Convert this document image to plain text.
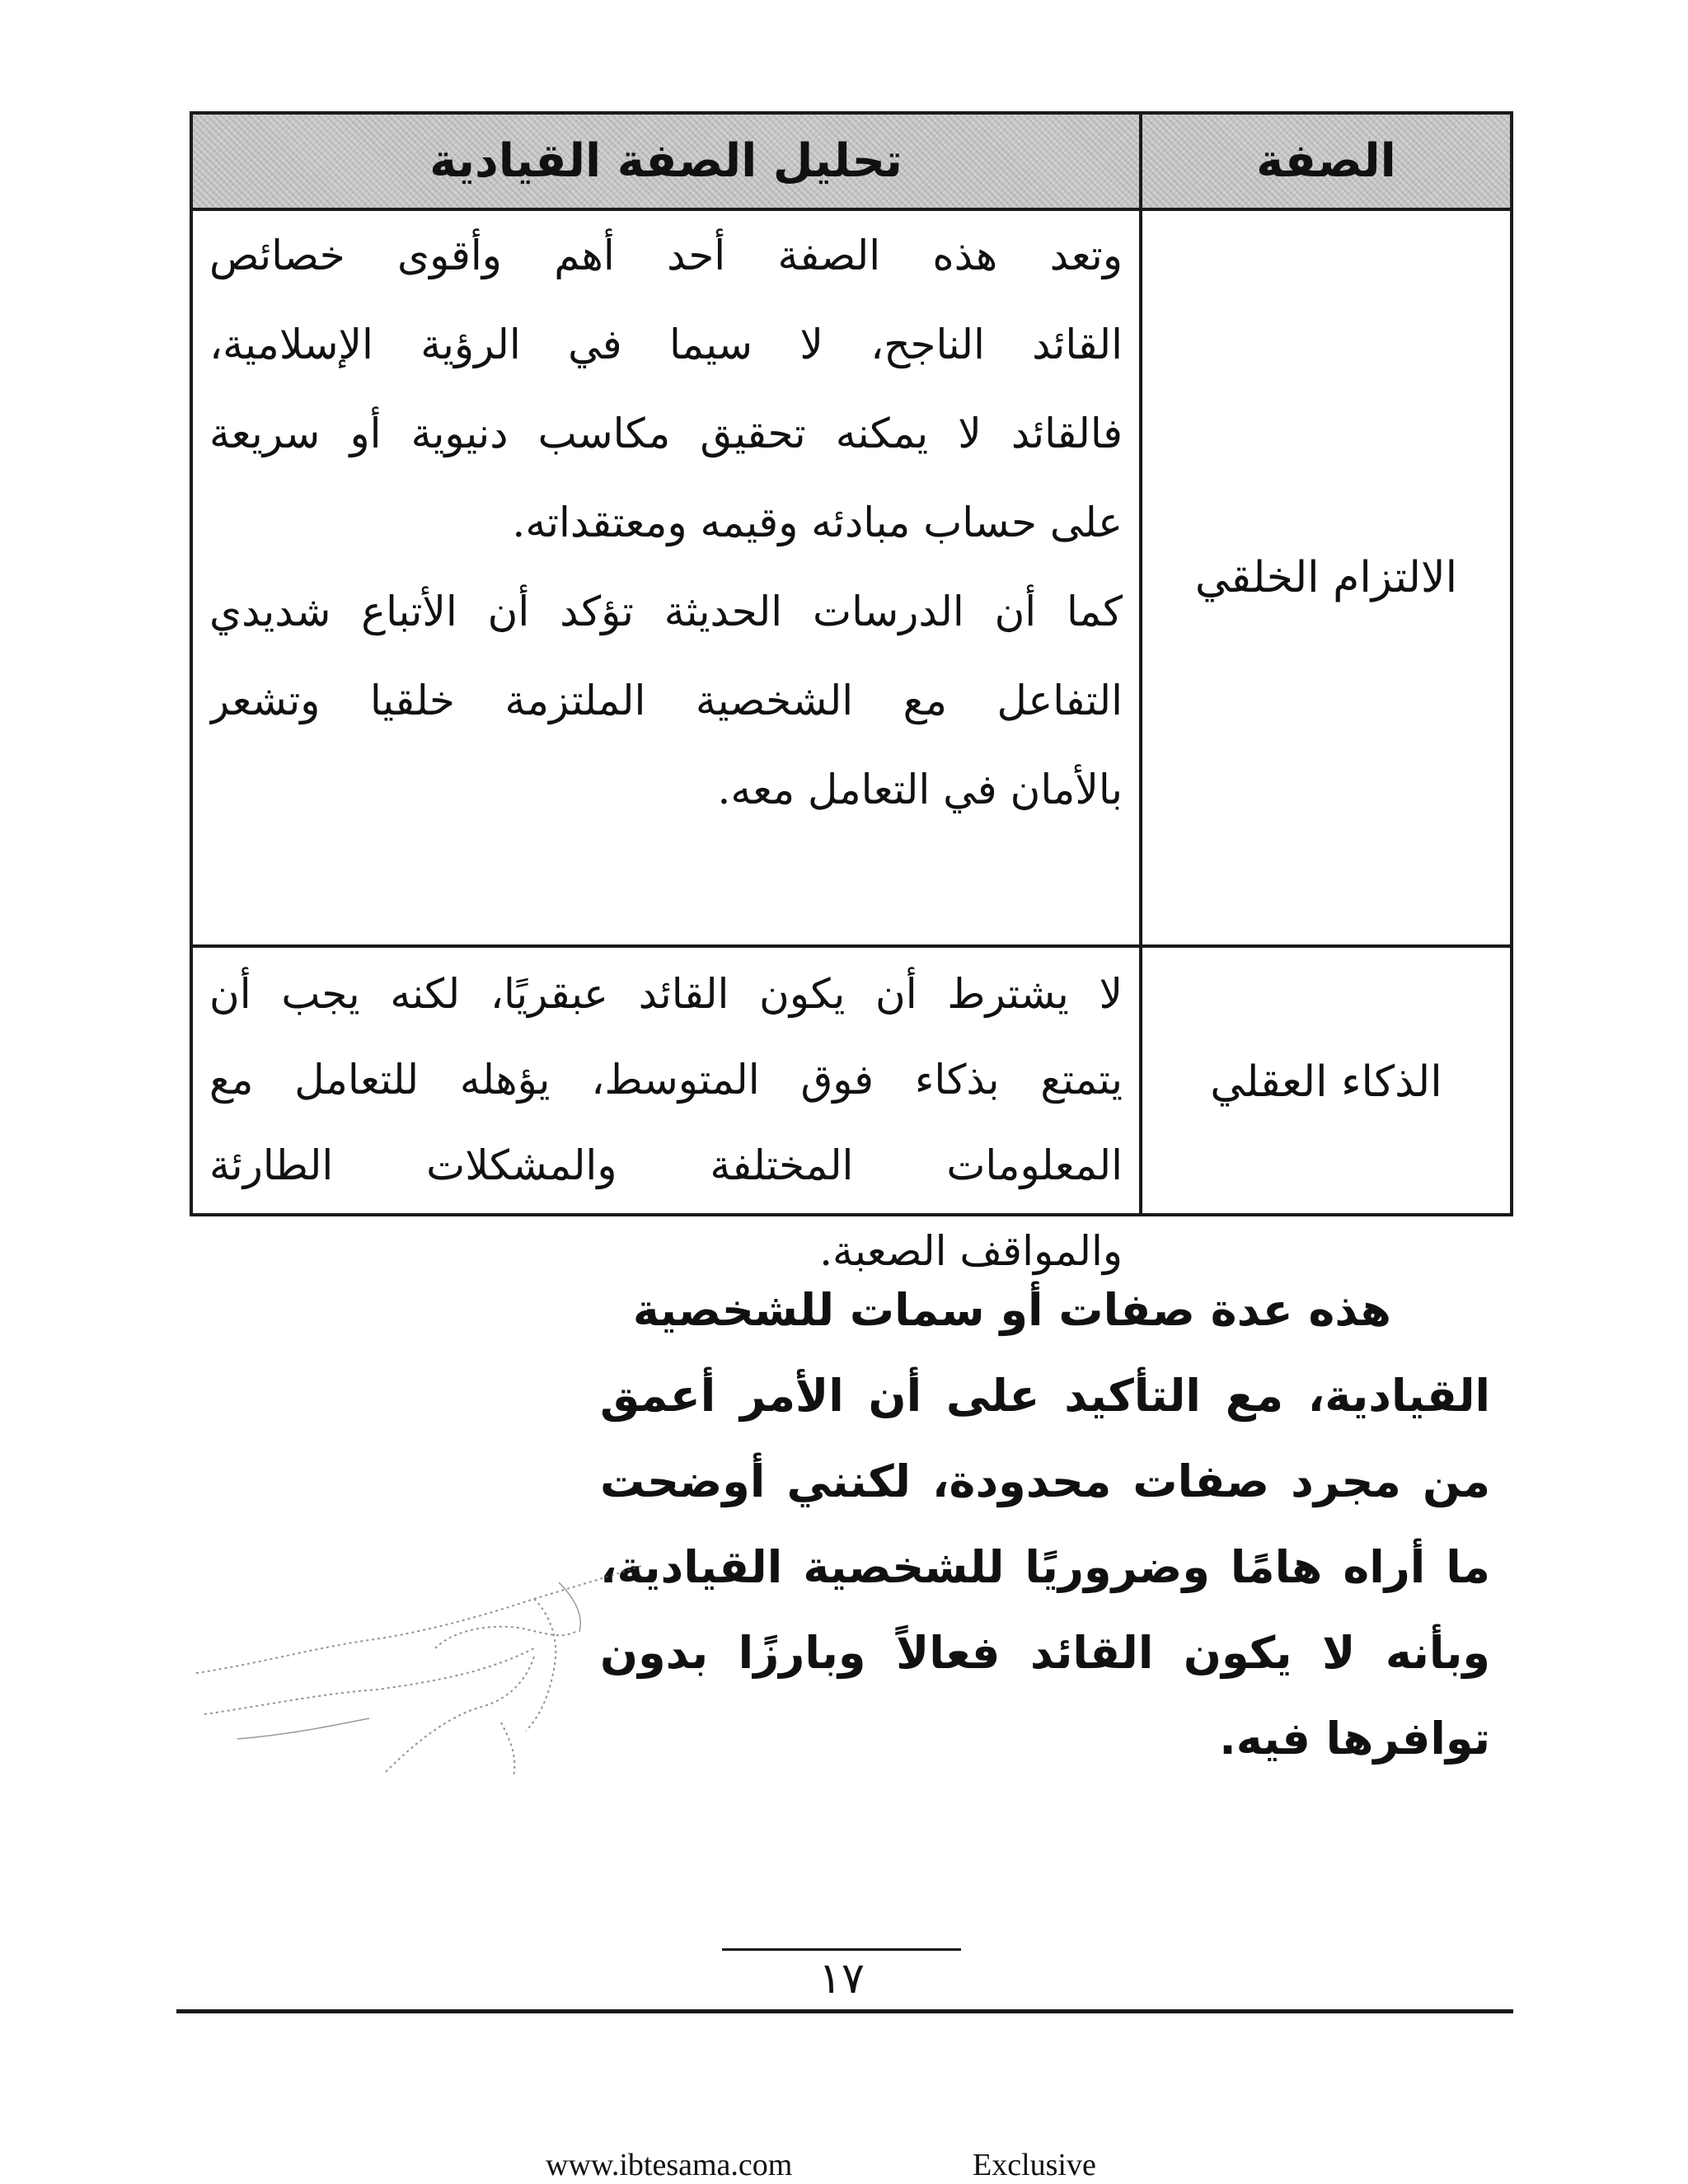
تحليل الصفة القيادية	الصفة
الالتزام الخلقي
وتعد هذه الصفة أحد أهم وأقوى خصائص
القائد الناجح، لا سيما في الرؤية الإسلامية،
فالقائد لا يمكنه تحقيق مكاسب دنيوية أو سريعة
على حساب مبادئه وقيمه ومعتقداته.
كما أن الدرسات الحديثة تؤكد أن الأتباع شديدي
التفاعل مع الشخصية الملتزمة خلقيا وتشعر
بالأمان في التعامل معه.
الذكاء العقلي
لا يشترط أن يكون القائد عبقريًا، لكنه يجب أن
يتمتع بذكاء فوق المتوسط، يؤهله للتعامل مع
المعلومات المختلفة والمشكلات الطارئة
والمواقف الصعبة.
هذه عدة صفات أو سمات للشخصية
القيادية، مع التأكيد على أن الأمر أعمق
من مجرد صفات محدودة، لكنني أوضحت
ما أراه هامًا وضروريًا للشخصية القيادية،
وبأنه لا يكون القائد فعالاً وبارزًا بدون
توافرها فيه.
١٧
www.ibtesama.com	Exclusive
